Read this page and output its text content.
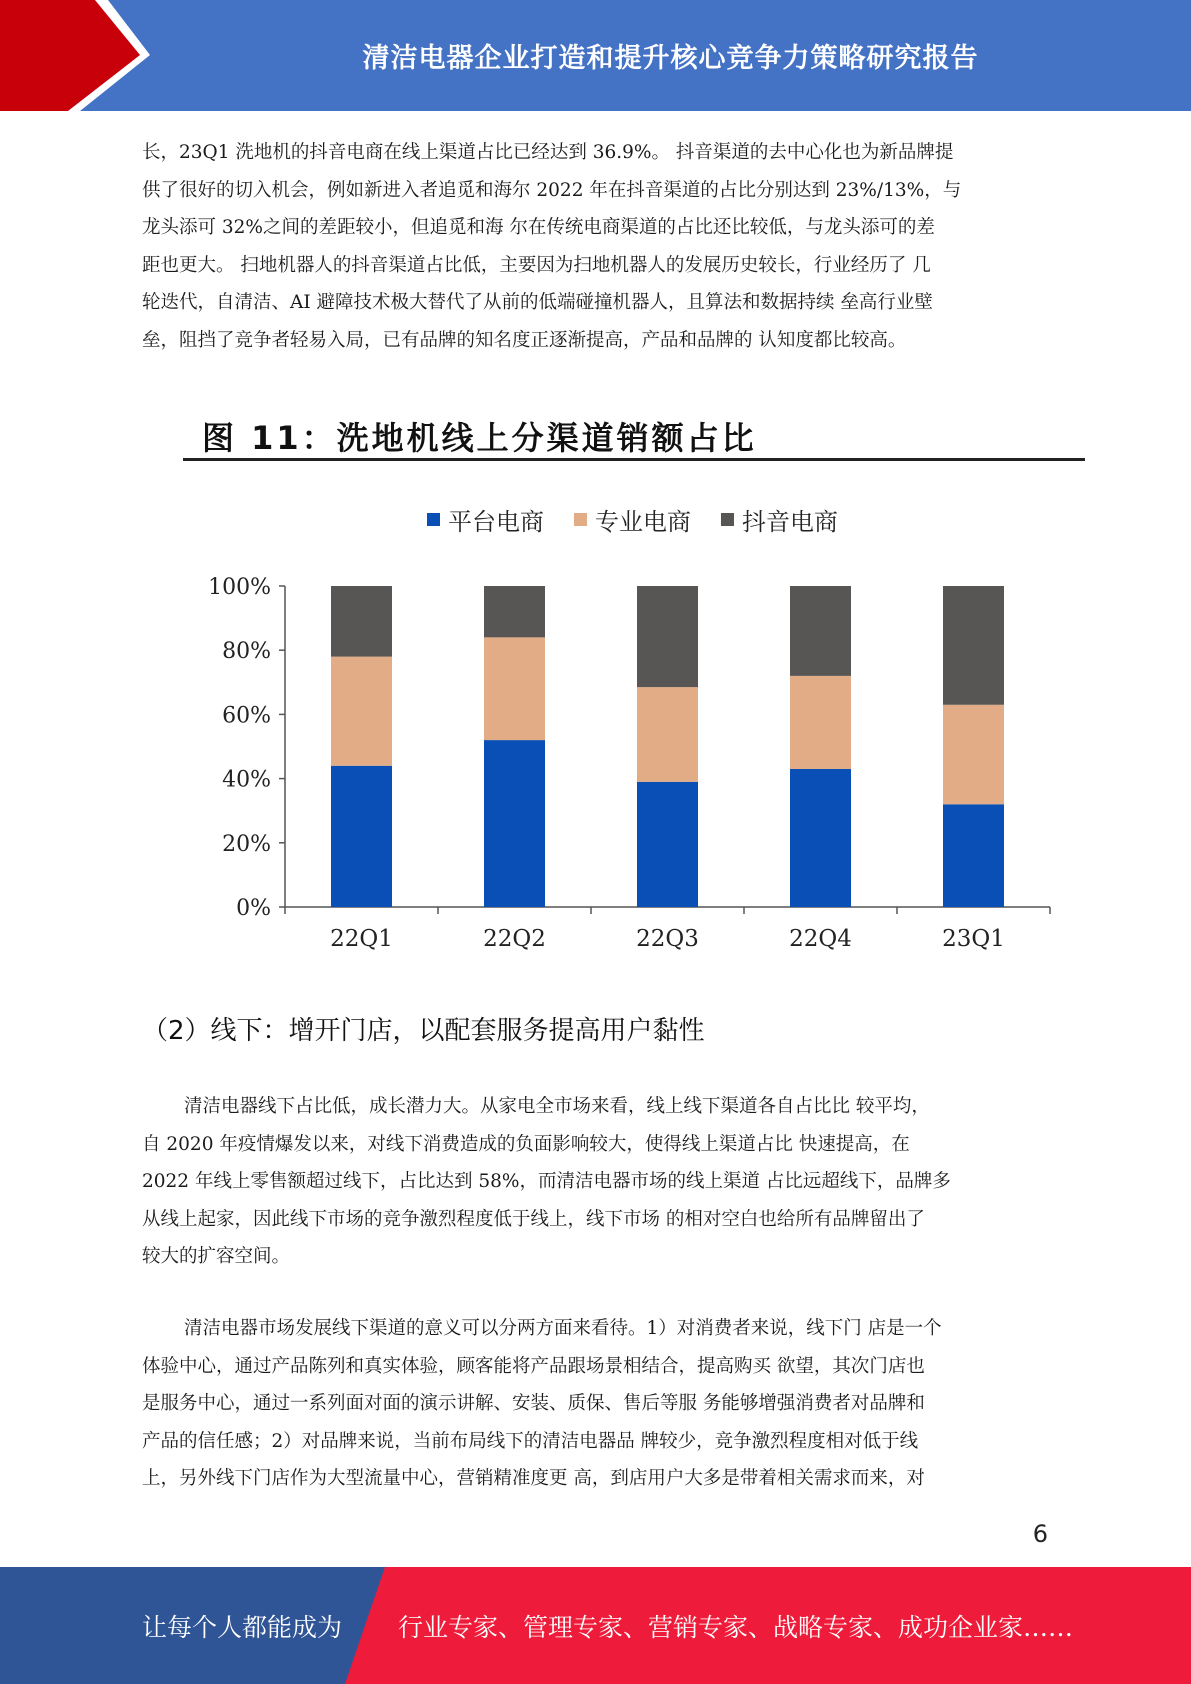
清洁电器企业打造和提升核心竞争力策略研究报告
长，23Q1 洗地机的抖音电商在线上渠道占比已经达到 36.9%。 抖音渠道的去中心化也为新品牌提
供了很好的切入机会，例如新进入者追觅和海尔 2022 年在抖音渠道的占比分别达到 23%/13%，与
龙头添可 32%之间的差距较小，但追觅和海 尔在传统电商渠道的占比还比较低，与龙头添可的差
距也更大。 扫地机器人的抖音渠道占比低，主要因为扫地机器人的发展历史较长，行业经历了 几
轮迭代，自清洁、AI 避障技术极大替代了从前的低端碰撞机器人，且算法和数据持续 垒高行业壁
垒，阻挡了竞争者轻易入局，已有品牌的知名度正逐渐提高，产品和品牌的 认知度都比较高。
图 11：洗地机线上分渠道销额占比
平台电商 专业电商 抖音电商
0%
20%
40%
60%
80%
100%
22Q1	22Q2	22Q3	22Q4	23Q1
（2）线下：增开门店，以配套服务提高用户黏性
清洁电器线下占比低，成长潜力大。从家电全市场来看，线上线下渠道各自占比比 较平均，
自 2020 年疫情爆发以来，对线下消费造成的负面影响较大，使得线上渠道占比 快速提高，在
2022 年线上零售额超过线下，占比达到 58%，而清洁电器市场的线上渠道 占比远超线下，品牌多
从线上起家，因此线下市场的竞争激烈程度低于线上，线下市场 的相对空白也给所有品牌留出了
较大的扩容空间。
清洁电器市场发展线下渠道的意义可以分两方面来看待。1）对消费者来说，线下门 店是一个
体验中心，通过产品陈列和真实体验，顾客能将产品跟场景相结合，提高购买 欲望，其次门店也
是服务中心，通过一系列面对面的演示讲解、安装、质保、售后等服 务能够增强消费者对品牌和
产品的信任感；2）对品牌来说，当前布局线下的清洁电器品 牌较少，竞争激烈程度相对低于线
上，另外线下门店作为大型流量中心，营销精准度更 高，到店用户大多是带着相关需求而来，对
6
让每个人都能成为 行业专家、管理专家、营销专家、战略专家、成功企业家……
